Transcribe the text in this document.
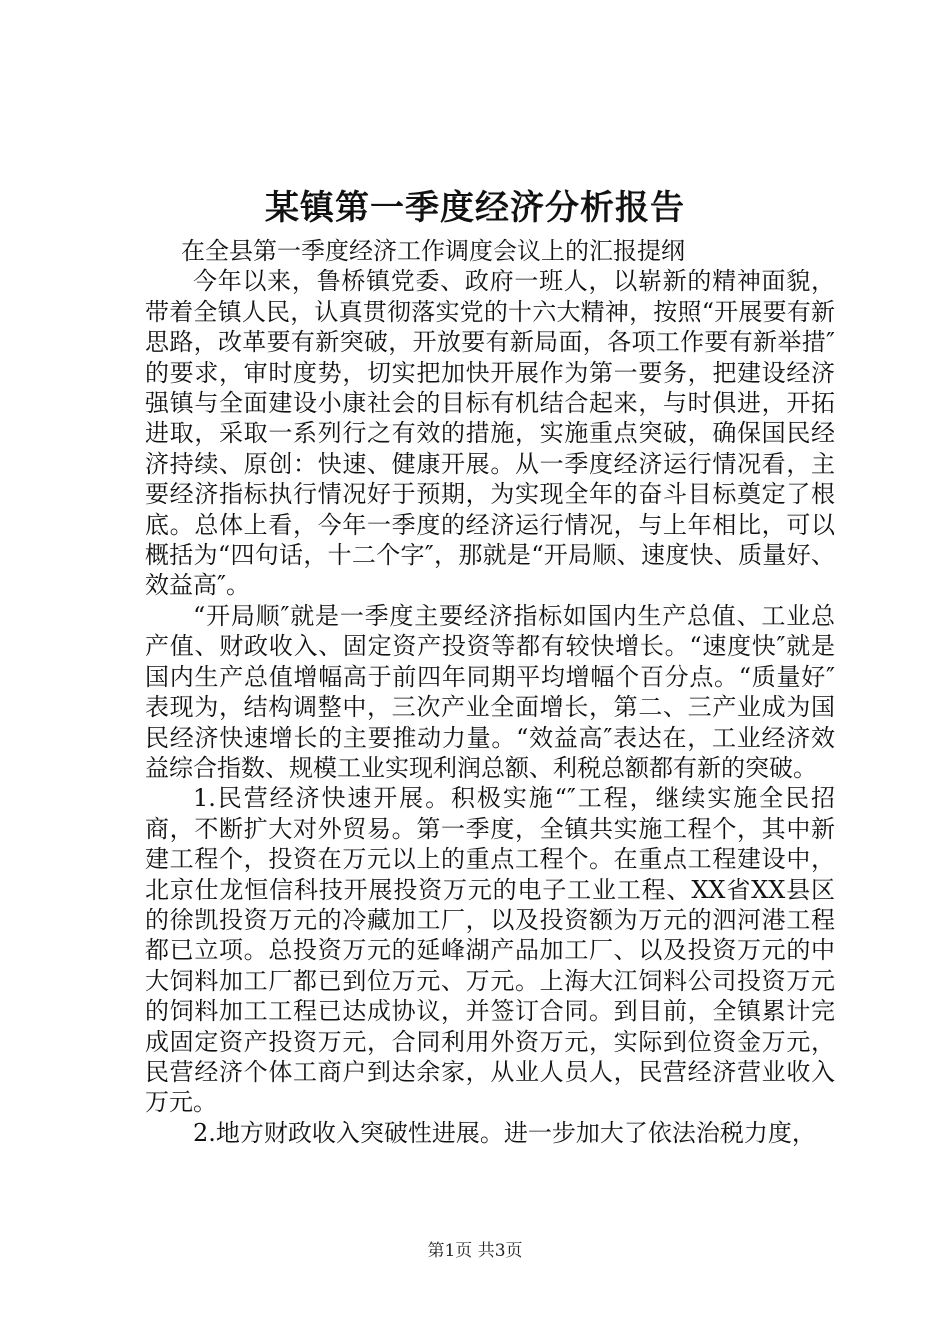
某镇第一季度经济分析报告

在全县第一季度经济工作调度会议上的汇报提纲

今年以来，鲁桥镇党委、政府一班人，以崭新的精神面貌，带着全镇人民，认真贯彻落实党的十六大精神，按照“开展要有新思路，改革要有新突破，开放要有新局面，各项工作要有新举措″的要求，审时度势，切实把加快开展作为第一要务，把建设经济强镇与全面建设小康社会的目标有机结合起来，与时俱进，开拓进取，采取一系列行之有效的措施，实施重点突破，确保国民经济持续、原创：快速、健康开展。从一季度经济运行情况看，主要经济指标执行情况好于预期，为实现全年的奋斗目标奠定了根底。总体上看，今年一季度的经济运行情况，与上年相比，可以概括为“四句话，十二个字″，那就是“开局顺、速度快、质量好、效益高″。

“开局顺″就是一季度主要经济指标如国内生产总值、工业总产值、财政收入、固定资产投资等都有较快增长。“速度快″就是国内生产总值增幅高于前四年同期平均增幅个百分点。“质量好″表现为，结构调整中，三次产业全面增长，第二、三产业成为国民经济快速增长的主要推动力量。“效益高″表达在，工业经济效益综合指数、规模工业实现利润总额、利税总额都有新的突破。

1.民营经济快速开展。积极实施“″工程，继续实施全民招商，不断扩大对外贸易。第一季度，全镇共实施工程个，其中新建工程个，投资在万元以上的重点工程个。在重点工程建设中，北京仕龙恒信科技开展投资万元的电子工业工程、XX省XX县区的徐凯投资万元的冷藏加工厂，以及投资额为万元的泗河港工程都已立项。总投资万元的延峰湖产品加工厂、以及投资万元的中大饲料加工厂都已到位万元、万元。上海大江饲料公司投资万元的饲料加工工程已达成协议，并签订合同。到目前，全镇累计完成固定资产投资万元，合同利用外资万元，实际到位资金万元，民营经济个体工商户到达余家，从业人员人，民营经济营业收入万元。

2.地方财政收入突破性进展。进一步加大了依法治税力度，

第1页 共3页
